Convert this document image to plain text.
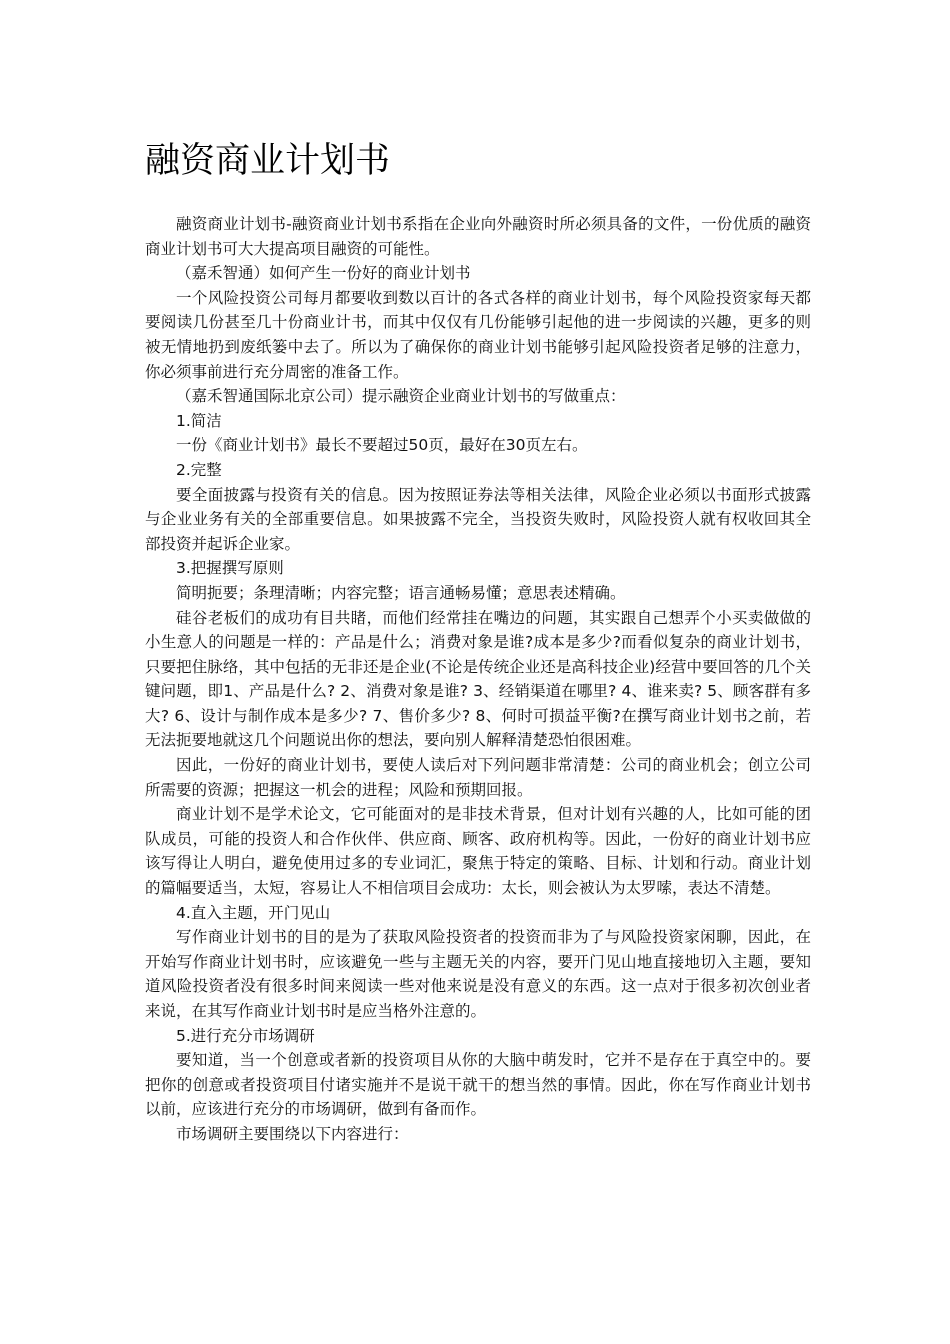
融资商业计划书

融资商业计划书-融资商业计划书系指在企业向外融资时所必须具备的文件，一份优质的融资商业计划书可大大提高项目融资的可能性。

（嘉禾智通）如何产生一份好的商业计划书

一个风险投资公司每月都要收到数以百计的各式各样的商业计划书，每个风险投资家每天都要阅读几份甚至几十份商业计书，而其中仅仅有几份能够引起他的进一步阅读的兴趣，更多的则被无情地扔到废纸篓中去了。所以为了确保你的商业计划书能够引起风险投资者足够的注意力，你必须事前进行充分周密的准备工作。

（嘉禾智通国际北京公司）提示融资企业商业计划书的写做重点：

1.简洁

一份《商业计划书》最长不要超过50页，最好在30页左右。

2.完整

要全面披露与投资有关的信息。因为按照证券法等相关法律，风险企业必须以书面形式披露与企业业务有关的全部重要信息。如果披露不完全，当投资失败时，风险投资人就有权收回其全部投资并起诉企业家。

3.把握撰写原则

简明扼要；条理清晰；内容完整；语言通畅易懂；意思表述精确。

硅谷老板们的成功有目共睹，而他们经常挂在嘴边的问题，其实跟自己想弄个小买卖做做的小生意人的问题是一样的：产品是什么；消费对象是谁?成本是多少?而看似复杂的商业计划书，只要把住脉络，其中包括的无非还是企业(不论是传统企业还是高科技企业)经营中要回答的几个关键问题，即1、产品是什么? 2、消费对象是谁? 3、经销渠道在哪里? 4、谁来卖? 5、顾客群有多大? 6、设计与制作成本是多少? 7、售价多少? 8、何时可损益平衡?在撰写商业计划书之前，若无法扼要地就这几个问题说出你的想法，要向别人解释清楚恐怕很困难。

因此，一份好的商业计划书，要使人读后对下列问题非常清楚：公司的商业机会；创立公司所需要的资源；把握这一机会的进程；风险和预期回报。

商业计划不是学术论文，它可能面对的是非技术背景，但对计划有兴趣的人，比如可能的团队成员，可能的投资人和合作伙伴、供应商、顾客、政府机构等。因此，一份好的商业计划书应该写得让人明白，避免使用过多的专业词汇，聚焦于特定的策略、目标、计划和行动。商业计划的篇幅要适当，太短，容易让人不相信项目会成功：太长，则会被认为太罗嗦，表达不清楚。

4.直入主题，开门见山

写作商业计划书的目的是为了获取风险投资者的投资而非为了与风险投资家闲聊，因此，在开始写作商业计划书时，应该避免一些与主题无关的内容，要开门见山地直接地切入主题，要知道风险投资者没有很多时间来阅读一些对他来说是没有意义的东西。这一点对于很多初次创业者来说，在其写作商业计划书时是应当格外注意的。

5.进行充分市场调研

要知道，当一个创意或者新的投资项目从你的大脑中萌发时，它并不是存在于真空中的。要把你的创意或者投资项目付诸实施并不是说干就干的想当然的事情。因此，你在写作商业计划书以前，应该进行充分的市场调研，做到有备而作。

市场调研主要围绕以下内容进行：
